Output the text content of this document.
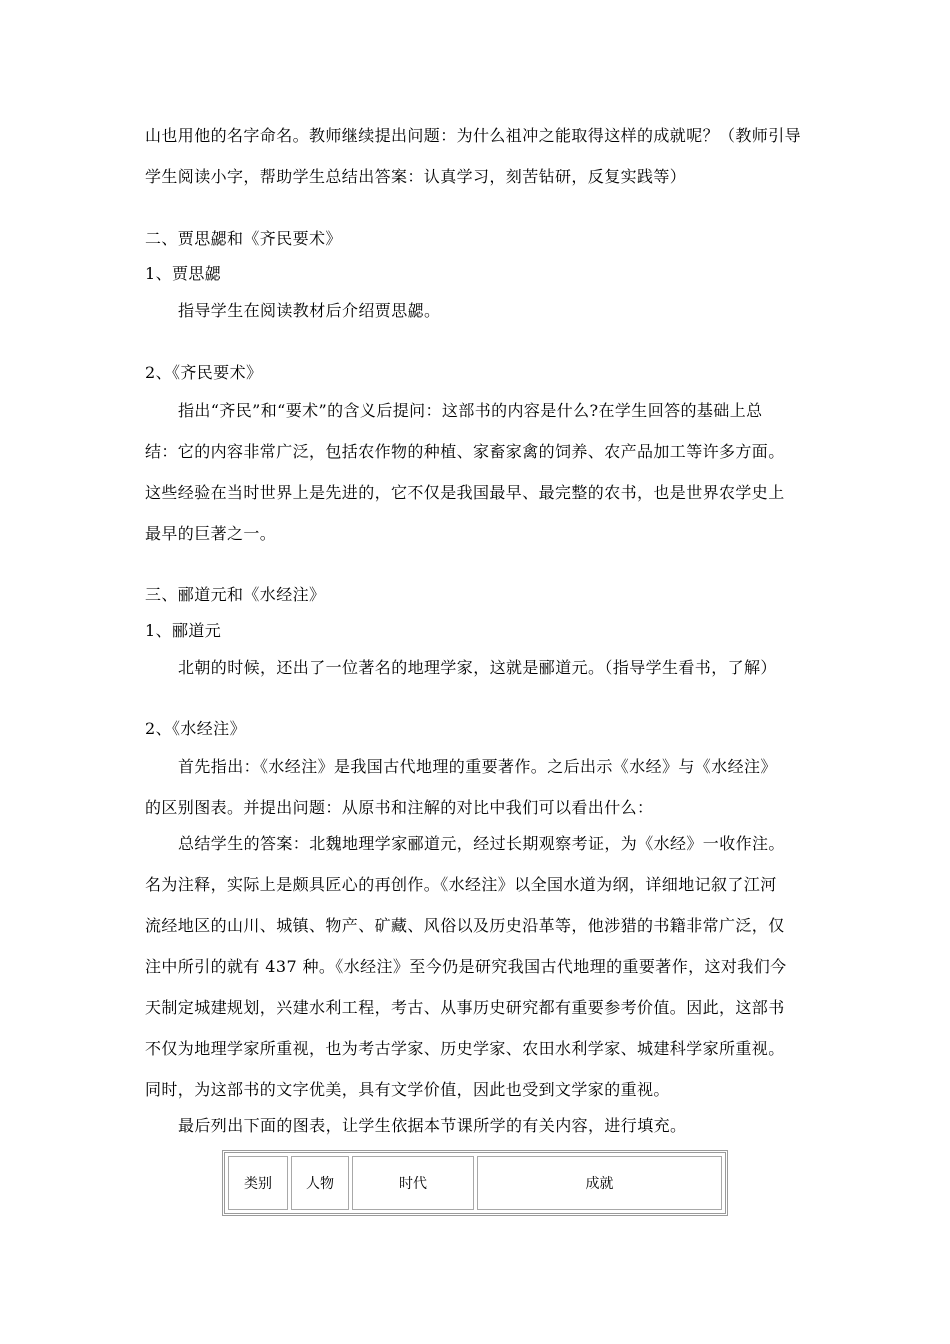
山也用他的名字命名。教师继续提出问题：为什么祖冲之能取得这样的成就呢？（教师引导
学生阅读小字，帮助学生总结出答案：认真学习，刻苦钻研，反复实践等）
二、贾思勰和《齐民要术》
1、贾思勰
指导学生在阅读教材后介绍贾思勰。
2、《齐民要术》
指出“齐民”和“要术”的含义后提问：这部书的内容是什么?在学生回答的基础上总
结：它的内容非常广泛，包括农作物的种植、家畜家禽的饲养、农产品加工等许多方面。
这些经验在当时世界上是先进的，它不仅是我国最早、最完整的农书，也是世界农学史上
最早的巨著之一。
三、郦道元和《水经注》
1、郦道元
北朝的时候，还出了一位著名的地理学家，这就是郦道元。（指导学生看书，了解）
2、《水经注》
首先指出：《水经注》是我国古代地理的重要著作。之后出示《水经》与《水经注》
的区别图表。并提出问题：从原书和注解的对比中我们可以看出什么：
总结学生的答案：北魏地理学家郦道元，经过长期观察考证，为《水经》一收作注。
名为注释，实际上是颇具匠心的再创作。《水经注》以全国水道为纲，详细地记叙了江河
流经地区的山川、城镇、物产、矿藏、风俗以及历史沿革等，他涉猎的书籍非常广泛，仅
注中所引的就有 437 种。《水经注》至今仍是研究我国古代地理的重要著作，这对我们今
天制定城建规划，兴建水利工程，考古、从事历史研究都有重要参考价值。因此，这部书
不仅为地理学家所重视，也为考古学家、历史学家、农田水利学家、城建科学家所重视。
同时，为这部书的文字优美，具有文学价值，因此也受到文学家的重视。
最后列出下面的图表，让学生依据本节课所学的有关内容，进行填充。
类别	人物	时代	成就
